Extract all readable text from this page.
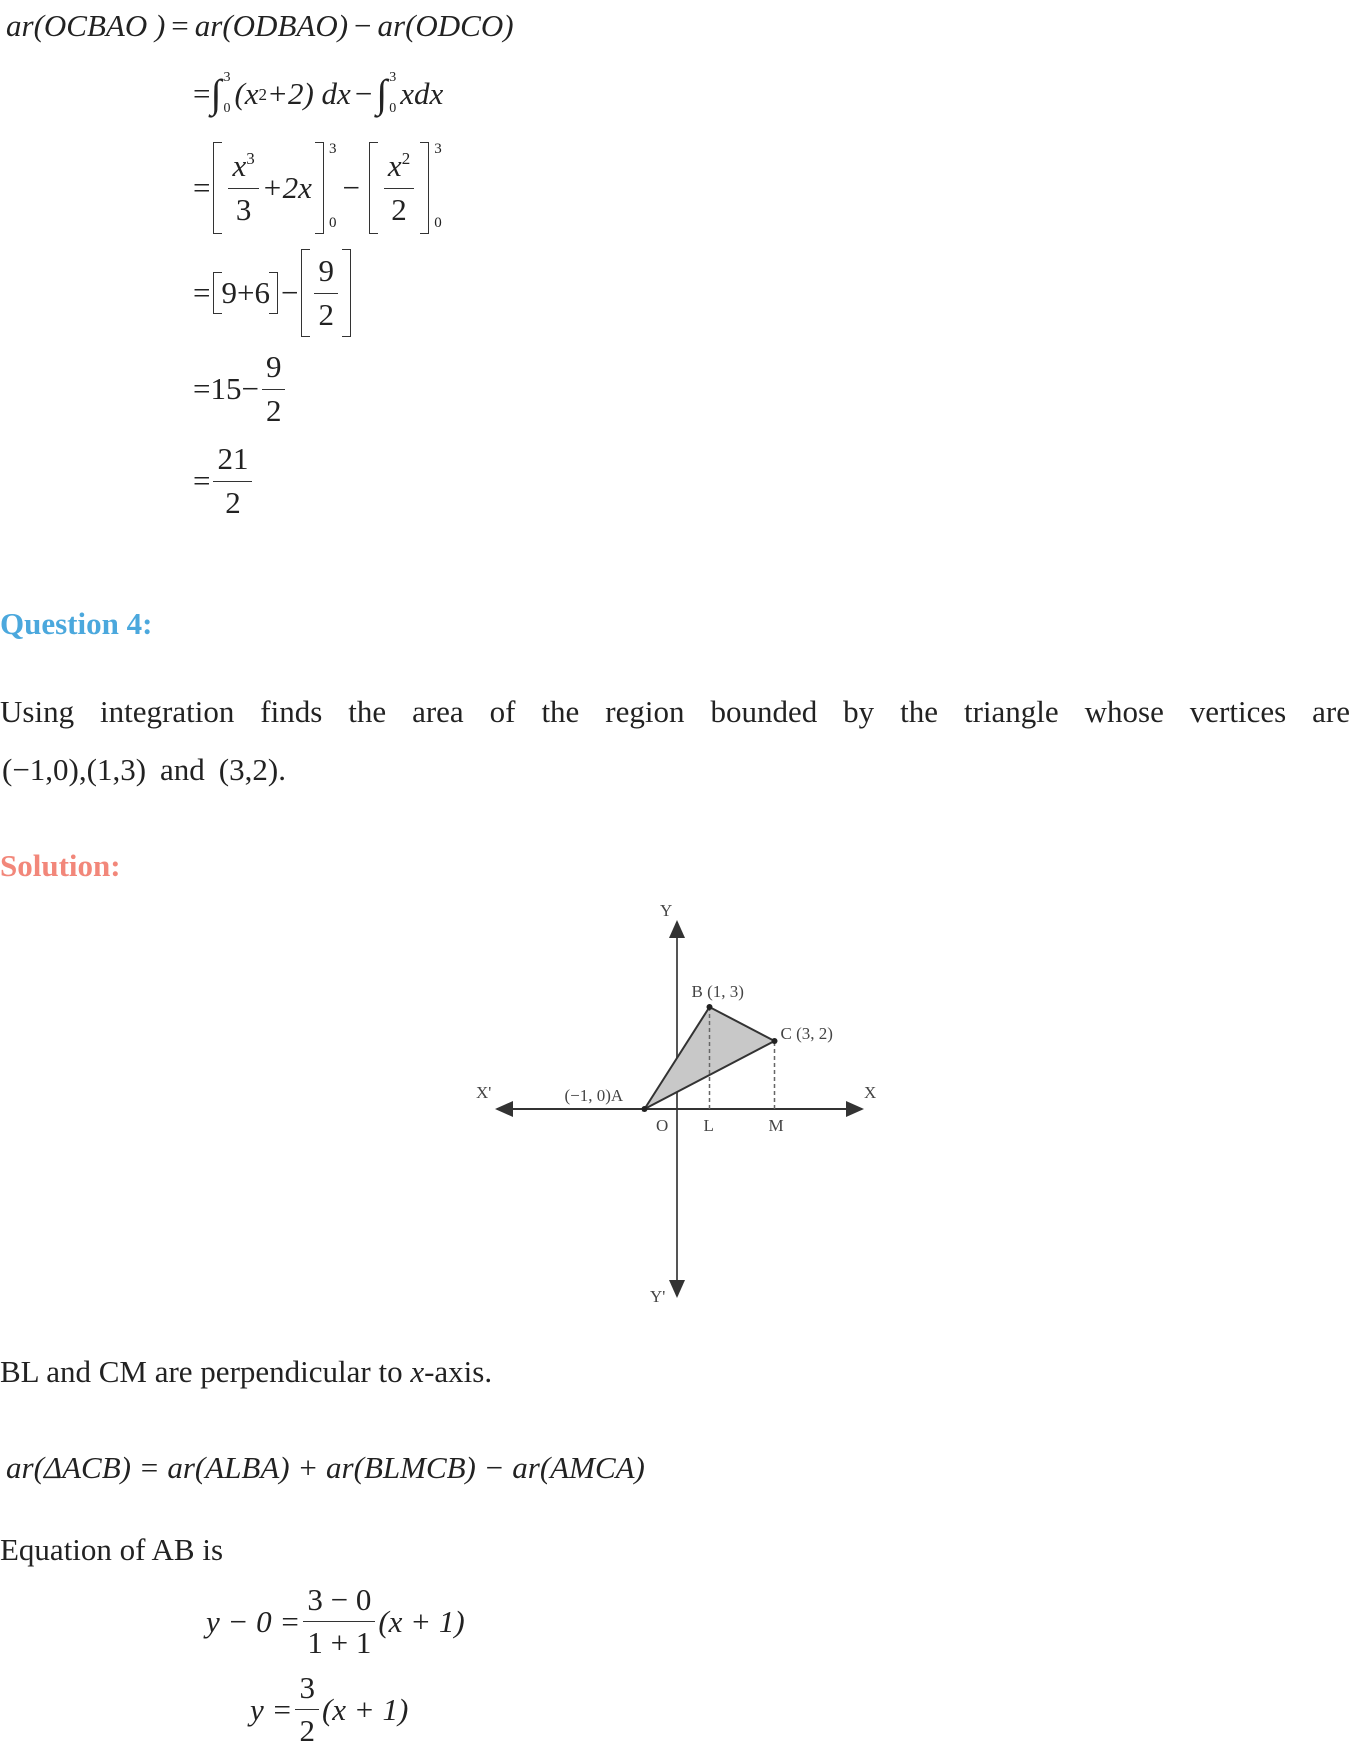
ar(OCBAO ) = ar(ODBAO) − ar(ODCO)
= ∫ 3
0 (x 2 +2) dx − ∫ 3
0 xdx
= $\frac{x^3}{3} +2x$
3
0
− $\frac{x^2}{2} 3$
0
= $9+6 - \frac{9}{2}$
= $15- \frac{9}{2}$
= $\frac{21}{2}$
Question 4:
Using integration finds the area of the region bounded by the triangle whose vertices are
(−1,0),(1,3) and (3,2) .
Solution:
L	M
(−1, 0)A
B (1, 3)
C (3, 2)
Y
Y'
X
X'
O
BL and CM are perpendicular to x -axis.
ar(ΔACB) = ar(ALBA) + ar(BLMCB) − ar(AMCA)
Equation of AB is
$y - 0 = \frac{3 - 0}{1 + 1} (x + 1)$
$y = \frac{3}{2} (x + 1)$
